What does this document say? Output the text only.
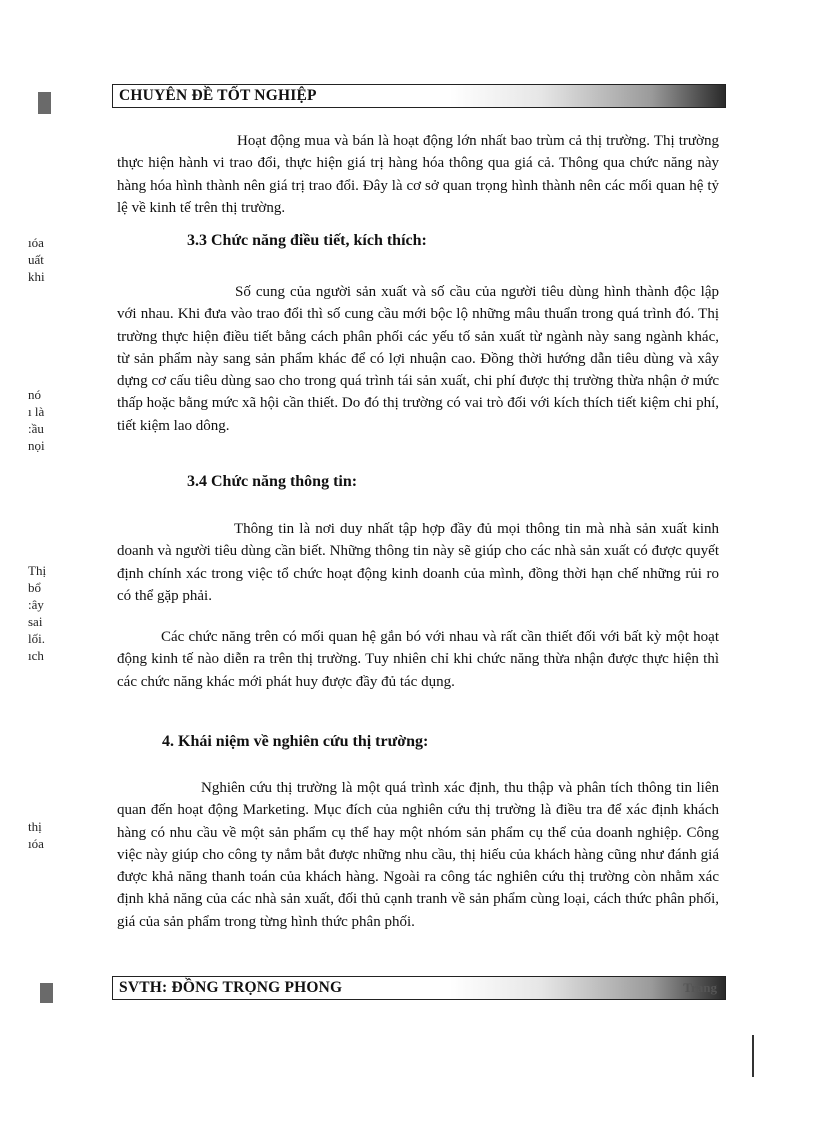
ıóa
uất
khi
nó
ı là
:ầu
nọi
Thị
bổ
:ây
sai
lối.
ıch
thị
ıóa
CHUYÊN ĐỀ TỐT NGHIỆP
Hoạt động mua và bán là hoạt động lớn nhất bao trùm cả thị trường. Thị trường thực hiện hành vi trao đổi, thực hiện giá trị hàng hóa thông qua giá cả. Thông qua chức năng này hàng hóa hình thành nên giá trị trao đổi. Đây là cơ sở quan trọng hình thành nên các mối quan hệ tỷ lệ về kinh tế trên thị trường.
3.3 Chức năng điều tiết, kích thích:
Số cung của người sản xuất và số cầu của người tiêu dùng hình thành độc lập với nhau. Khi đưa vào trao đổi thì số cung cầu mới bộc lộ những mâu thuẩn trong quá trình đó. Thị trường thực hiện điều tiết bằng cách phân phối các yếu tố sản xuất từ ngành này sang ngành khác, từ sản phẩm này sang sản phẩm khác để có lợi nhuận cao. Đồng thời hướng dẫn tiêu dùng và xây dựng cơ cấu tiêu dùng sao cho trong quá trình tái sản xuất, chi phí được thị trường thừa nhận ở mức thấp hoặc bằng mức xã hội cần thiết. Do đó thị trường có vai trò đối với kích thích tiết kiệm chi phí, tiết kiệm lao dông.
3.4 Chức năng thông tin:
Thông tin là nơi duy nhất tập hợp đầy đủ mọi thông tin mà nhà sản xuất kinh doanh và người tiêu dùng cần biết. Những thông tin này sẽ giúp cho các nhà sản xuất có được quyết định chính xác trong việc tổ chức hoạt động kinh doanh của mình, đồng thời hạn chế những rủi ro có thể gặp phải.
Các chức năng trên có mối quan hệ gắn bó với nhau và rất cần thiết đối với bất kỳ một hoạt động kinh tế nào diễn ra trên thị trường. Tuy nhiên chỉ khi chức năng thừa nhận được thực hiện thì các chức năng khác mới phát huy được đầy đủ tác dụng.
4. Khái niệm về nghiên cứu thị trường:
Nghiên cứu thị trường là một quá trình xác định, thu thập và phân tích thông tin liên quan đến hoạt động Marketing. Mục đích của nghiên cứu thị trường là điều tra để xác định khách hàng có nhu cầu về một sản phẩm cụ thể hay một nhóm sản phẩm cụ thể của doanh nghiệp. Công việc này giúp cho công ty nắm bắt được những nhu cầu, thị hiếu của khách hàng cũng như đánh giá được khả năng thanh toán của khách hàng. Ngoài ra công tác nghiên cứu thị trường còn nhằm xác định khả năng của các nhà sản xuất, đối thủ cạnh tranh về sản phẩm cùng loại, cách thức phân phối, giá của sản phẩm trong từng hình thức phân phối.
SVTH: ĐỒNG TRỌNG PHONG	Trang
